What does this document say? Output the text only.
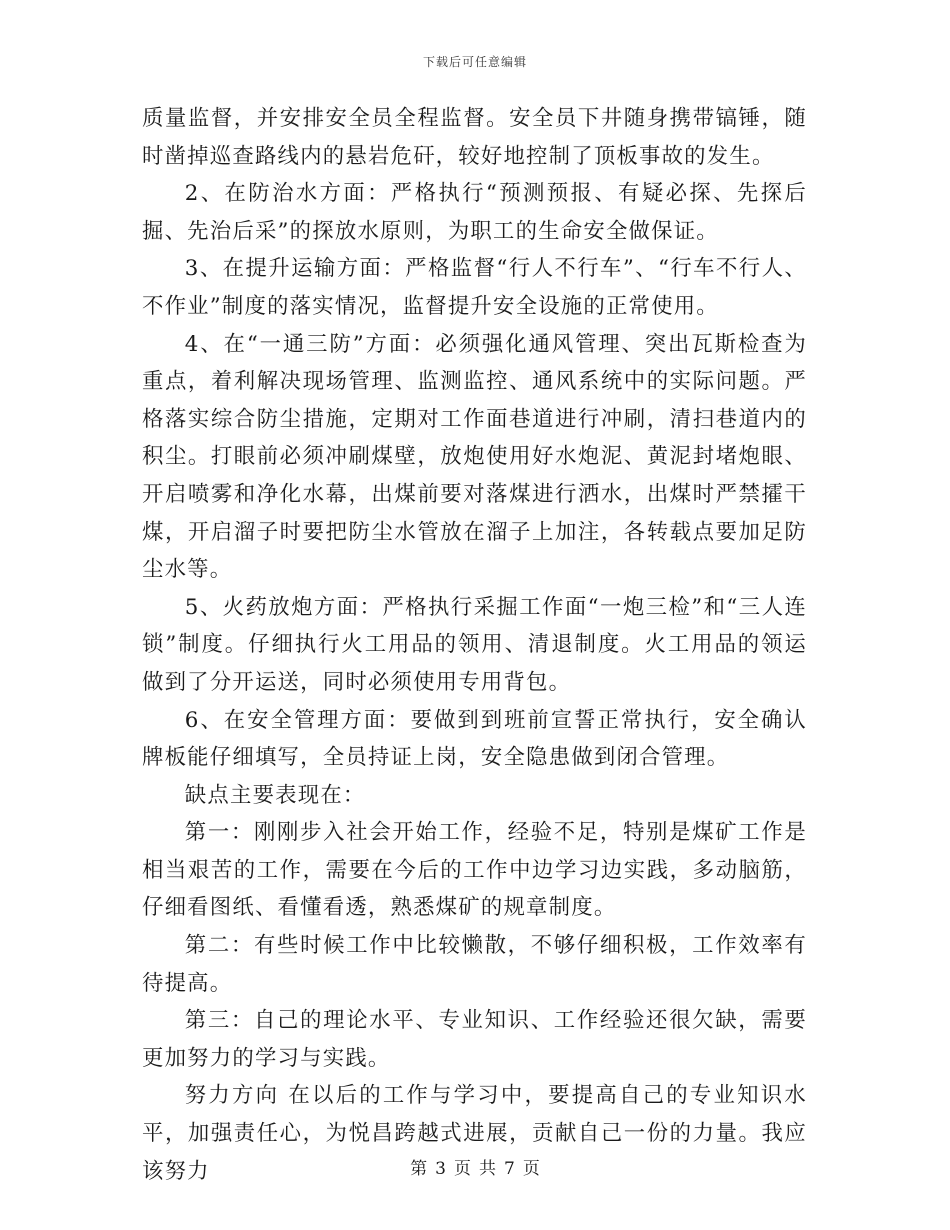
下载后可任意编辑

质量监督，并安排安全员全程监督。安全员下井随身携带镐锤，随时凿掉巡查路线内的悬岩危矸，较好地控制了顶板事故的发生。

2、在防治水方面：严格执行“预测预报、有疑必探、先探后掘、先治后采”的探放水原则，为职工的生命安全做保证。

3、在提升运输方面：严格监督“行人不行车”、“行车不行人、不作业”制度的落实情况，监督提升安全设施的正常使用。

4、在“一通三防”方面：必须强化通风管理、突出瓦斯检查为重点，着利解决现场管理、监测监控、通风系统中的实际问题。严格落实综合防尘措施，定期对工作面巷道进行冲刷，清扫巷道内的积尘。打眼前必须冲刷煤壁，放炮使用好水炮泥、黄泥封堵炮眼、开启喷雾和净化水幕，出煤前要对落煤进行洒水，出煤时严禁攉干煤，开启溜子时要把防尘水管放在溜子上加注，各转载点要加足防尘水等。

5、火药放炮方面：严格执行采掘工作面“一炮三检”和“三人连锁”制度。仔细执行火工用品的领用、清退制度。火工用品的领运做到了分开运送，同时必须使用专用背包。

6、在安全管理方面：要做到到班前宣誓正常执行，安全确认牌板能仔细填写，全员持证上岗，安全隐患做到闭合管理。

缺点主要表现在：

第一：刚刚步入社会开始工作，经验不足，特别是煤矿工作是相当艰苦的工作，需要在今后的工作中边学习边实践，多动脑筋，仔细看图纸、看懂看透，熟悉煤矿的规章制度。

第二：有些时候工作中比较懒散，不够仔细积极，工作效率有待提高。

第三：自己的理论水平、专业知识、工作经验还很欠缺，需要更加努力的学习与实践。

努力方向 在以后的工作与学习中，要提高自己的专业知识水平，加强责任心，为悦昌跨越式进展，贡献自己一份的力量。我应该努力	第 3 页 共 7 页
